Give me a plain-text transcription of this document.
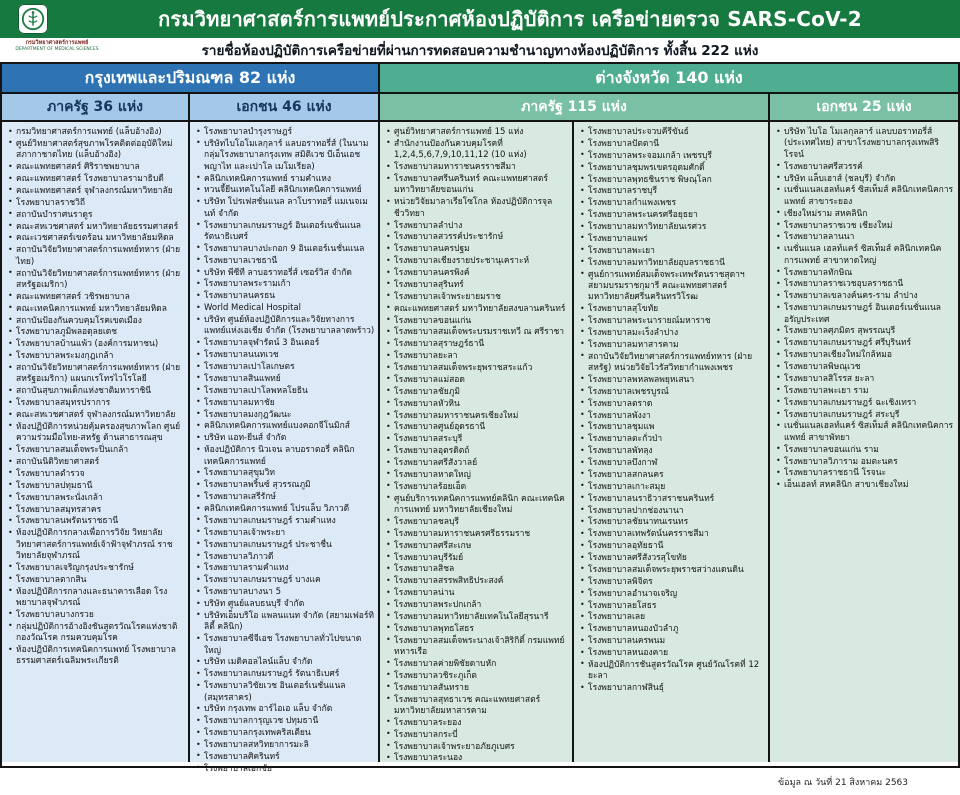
กรมวิทยาศาสตร์การแพทย์ประกาศห้องปฏิบัติการ เครือข่ายตรวจ SARS-CoV-2
กรมวิทยาศาสตร์การแพทย์
DEPARTMENT OF MEDICAL SCIENCES	รายชื่อห้องปฏิบัติการเครือข่ายที่ผ่านการทดสอบความชำนาญทางห้องปฏิบัติการ ทั้งสิ้น 222 แห่ง
กรุงเทพและปริมณฑล 82 แห่ง	ต่างจังหวัด 140 แห่ง
ภาครัฐ 36 แห่ง	เอกชน 46 แห่ง	ภาครัฐ 115 แห่ง	เอกชน 25 แห่ง
• กรมวิทยาศาสตร์การแพทย์ (แล็บอ้างอิง)
• ศูนย์วิทยาศาสตร์สุขภาพโรคติดต่ออุบัติใหม่ สภากาชาดไทย (แล็บอ้างอิง)
• คณะแพทยศาสตร์ ศิริราชพยาบาล
• คณะแพทยศาสตร์ โรงพยาบาลรามาธิบดี
• คณะแพทยศาสตร์ จุฬาลงกรณ์มหาวิทยาลัย
• โรงพยาบาลราชวิถี
• สถาบันบำราศนราดูร
• คณะสหเวชศาสตร์ มหาวิทยาลัยธรรมศาสตร์
• คณะเวชศาสตร์เขตร้อน มหาวิทยาลัยมหิดล
• สถาบันวิจัยวิทยาศาสตร์การแพทย์ทหาร (ฝ่ายไทย)
• สถาบันวิจัยวิทยาศาสตร์การแพทย์ทหาร (ฝ่ายสหรัฐอเมริกา)
• คณะแพทยศาสตร์ วชิรพยาบาล
• คณะเทคนิคการแพทย์ มหาวิทยาลัยมหิดล
• สถาบันป้องกันควบคุมโรคเขตเมือง
• โรงพยาบาลภูมิพลอดุลยเดช
• โรงพยาบาลบ้านแพ้ว (องค์การมหาชน)
• โรงพยาบาลพระมงกุฎเกล้า
• สถาบันวิจัยวิทยาศาสตร์การแพทย์ทหาร (ฝ่ายสหรัฐอเมริกา) แผนกเรโทรไวโรโลยี
• สถาบันสุขภาพเด็กแห่งชาติมหาราชินี
• โรงพยาบาลสมุทรปราการ
• คณะสหเวชศาสตร์ จุฬาลงกรณ์มหาวิทยาลัย
• ห้องปฏิบัติการหน่วยคุ้มครองสุขภาพโลก ศูนย์ความร่วมมือไทย-สหรัฐ ด้านสาธารณสุข
• โรงพยาบาลสมเด็จพระปิ่นเกล้า
• สถาบันนิติวิทยาศาสตร์
• โรงพยาบาลตำรวจ
• โรงพยาบาลปทุมธานี
• โรงพยาบาลพระนั่งเกล้า
• โรงพยาบาลสมุทรสาคร
• โรงพยาบาลนพรัตนราชธานี
• ห้องปฏิบัติการกลางเพื่อการวิจัย วิทยาลัยวิทยาศาสตร์การแพทย์เจ้าฟ้าจุฬาภรณ์ ราชวิทยาลัยจุฬาภรณ์
• โรงพยาบาลเจริญกรุงประชารักษ์
• โรงพยาบาลตากสิน
• ห้องปฏิบัติการกลางและธนาคารเลือด โรงพยาบาลจุฬาภรณ์
• โรงพยาบาลบางกรวย
• กลุ่มปฏิบัติการอ้างอิงชันสูตรวัณโรคแห่งชาติ กองวัณโรค กรมควบคุมโรค
• ห้องปฏิบัติการเทคนิคการแพทย์ โรงพยาบาลธรรมศาสตร์เฉลิมพระเกียรติ
• โรงพยาบาลบำรุงราษฎร์
• บริษัทไบโอโมเลกุลาร์ แลบอราทอรี่ส์ (ในนามกลุ่มโรงพยาบาลกรุงเทพ สมิติเวช บีเอ็นเอช พญาไท และเปาโล เมโมเรียล)
• คลินิกเทคนิคการแพทย์ รามคำแหง
• หวนจี้ยีนเทคโนโลยี คลินิกเทคนิคการแพทย์
• บริษัท โปรเฟสชั่นแนล ลาโบราทอรี่ แมเนจเมนท์ จำกัด
• โรงพยาบาลเกษมราษฎร์ อินเตอร์เนชั่นแนล รัตนาธิเบศร์
• โรงพยาบาลบางปะกอก 9 อินเตอร์เนชั่นแนล
• โรงพยาบาลเวชธานี
• บริษัท พีซีที ลาบอราทอรี่ส์ เซอร์วิส จำกัด
• โรงพยาบาลพระรามเก้า
• โรงพยาบาลนครธน
• World Medical Hospital
• บริษัท ศูนย์ห้องปฏิบัติการและวิจัยทางการแพทย์แห่งเอเชีย จำกัด (โรงพยาบาลลาดพร้าว)
• โรงพยาบาลจุฬารัตน์ 3 อินเตอร์
• โรงพยาบาลนนทเวช
• โรงพยาบาลเปาโลเกษตร
• โรงพยาบาลสินแพทย์
• โรงพยาบาลเปาโลพหลโยธิน
• โรงพยาบาลมหาชัย
• โรงพยาบาลมงกุฎวัฒนะ
• คลินิกเทคนิคการแพทย์แบงคอกจีโนมิกส์
• บริษัท แอท-ยีนส์ จำกัด
• ห้องปฏิบัติการ นิวเจน ลาบอราตอรี่ คลินิกเทคนิคการแพทย์
• โรงพยาบาลสุขุมวิท
• โรงพยาบาลพริ้นซ์ สุวรรณภูมิ
• โรงพยาบาลเสรีรักษ์
• คลินิกเทคนิคการแพทย์ โปรแล็บ วิภาวดี
• โรงพยาบาลเกษมราษฎร์ รามคำแหง
• โรงพยาบาลเจ้าพระยา
• โรงพยาบาลเกษมราษฎร์ ประชาชื่น
• โรงพยาบาลวิภาวดี
• โรงพยาบาลรามคำแหง
• โรงพยาบาลเกษมราษฎร์ บางแค
• โรงพยาบาลบางนา 5
• บริษัท ศูนย์แลบธนบุรี จำกัด
• บริษัทเอ็มบริโอ แพลนแนท จำกัด (สยามเฟอร์ทิลิตี้ คลินิก)
• โรงพยาบาลซีจีเอช โรงพยาบาลทั่วไปขนาดใหญ่
• บริษัท เมดิคอลไลน์แล็บ จำกัด
• โรงพยาบาลเกษมราษฎร์ รัตนาธิเบศร์
• โรงพยาบาลวิชัยเวช อินเตอร์เนชั่นแนล (สมุทรสาคร)
• บริษัท กรุงเทพ อาร์ไอเอ แล็บ จำกัด
• โรงพยาบาลการุญเวช ปทุมธานี
• โรงพยาบาลกรุงเทพคริสเตียน
• โรงพยาบาลสหวิทยาการมะลิ
• โรงพยาบาลศิครินทร์
• โรงพยาบาลเอกชัย
• ศูนย์วิทยาศาสตร์การแพทย์ 15 แห่ง
• สำนักงานป้องกันควบคุมโรคที่ 1,2,4,5,6,7,9,10,11,12 (10 แห่ง)
• โรงพยาบาลมหาราชนครราชสีมา
• โรงพยาบาลศรีนครินทร์ คณะแพทยศาสตร์ มหาวิทยาลัยขอนแก่น
• หน่วยวิจัยมาลาเรียโซโกล ห้องปฏิบัติการจุลชีววิทยา
• โรงพยาบาลลำปาง
• โรงพยาบาลสวรรค์ประชารักษ์
• โรงพยาบาลนครปฐม
• โรงพยาบาลเชียงรายประชานุเคราะห์
• โรงพยาบาลนครพิงค์
• โรงพยาบาลสุรินทร์
• โรงพยาบาลเจ้าพระยายมราช
• คณะแพทยศาสตร์ มหาวิทยาลัยสงขลานครินทร์
• โรงพยาบาลขอนแก่น
• โรงพยาบาลสมเด็จพระบรมราชเทวี ณ ศรีราชา
• โรงพยาบาลสุราษฎร์ธานี
• โรงพยาบาลยะลา
• โรงพยาบาลสมเด็จพระยุพราชสระแก้ว
• โรงพยาบาลแม่สอด
• โรงพยาบาลชัยภูมิ
• โรงพยาบาลหัวหิน
• โรงพยาบาลมหาราชนครเชียงใหม่
• โรงพยาบาลศูนย์อุดรธานี
• โรงพยาบาลสระบุรี
• โรงพยาบาลอุตรดิตถ์
• โรงพยาบาลศรีสังวาลย์
• โรงพยาบาลหาดใหญ่
• โรงพยาบาลร้อยเอ็ด
• ศูนย์บริการเทคนิคการแพทย์คลินิก คณะเทคนิคการแพทย์ มหาวิทยาลัยเชียงใหม่
• โรงพยาบาลชลบุรี
• โรงพยาบาลมหาราชนครศรีธรรมราช
• โรงพยาบาลศรีสะเกษ
• โรงพยาบาลบุรีรัมย์
• โรงพยาบาลสิชล
• โรงพยาบาลสรรพสิทธิประสงค์
• โรงพยาบาลน่าน
• โรงพยาบาลพระปกเกล้า
• โรงพยาบาลมหาวิทยาลัยเทคโนโลยีสุรนารี
• โรงพยาบาลพุทธโสธร
• โรงพยาบาลสมเด็จพระนางเจ้าสิริกิติ์ กรมแพทย์ทหารเรือ
• โรงพยาบาลค่ายพิชัยดาบหัก
• โรงพยาบาลวชิระภูเก็ต
• โรงพยาบาลสันทราย
• โรงพยาบาลสุทธาเวช คณะแพทยศาสตร์ มหาวิทยาลัยมหาสารคาม
• โรงพยาบาลระยอง
• โรงพยาบาลกระบี่
• โรงพยาบาลเจ้าพระยาอภัยภูเบศร
• โรงพยาบาลระนอง
• โรงพยาบาลประจวบคีรีขันธ์
• โรงพยาบาลปัตตานี
• โรงพยาบาลพระจอมเกล้า เพชรบุรี
• โรงพยาบาลชุมพรเขตรอุดมศักดิ์
• โรงพยาบาลพุทธชินราช พิษณุโลก
• โรงพยาบาลราชบุรี
• โรงพยาบาลกำแพงเพชร
• โรงพยาบาลพระนครศรีอยุธยา
• โรงพยาบาลมหาวิทยาลัยนเรศวร
• โรงพยาบาลแพร่
• โรงพยาบาลพะเยา
• โรงพยาบาลมหาวิทยาลัยอุบลราชธานี
• ศูนย์การแพทย์สมเด็จพระเทพรัตนราชสุดาฯ สยามบรมราชกุมารี คณะแพทยศาสตร์ มหาวิทยาลัยศรีนครินทรวิโรฒ
• โรงพยาบาลสุโขทัย
• โรงพยาบาลพระนารายณ์มหาราช
• โรงพยาบาลมะเร็งลำปาง
• โรงพยาบาลมหาสารคาม
• สถาบันวิจัยวิทยาศาสตร์การแพทย์ทหาร (ฝ่ายสหรัฐ) หน่วยวิจัยไวรัสวิทยากำแพงเพชร
• โรงพยาบาลพหลพลพยุหเสนา
• โรงพยาบาลเพชรบูรณ์
• โรงพยาบาลตราด
• โรงพยาบาลพังงา
• โรงพยาบาลชุมแพ
• โรงพยาบาลตะกั่วป่า
• โรงพยาบาลพัทลุง
• โรงพยาบาลบึงกาฬ
• โรงพยาบาลสกลนคร
• โรงพยาบาลเกาะสมุย
• โรงพยาบาลนราธิวาสราชนครินทร์
• โรงพยาบาลปากช่องนานา
• โรงพยาบาลชัยนาทนเรนทร
• โรงพยาบาลเทพรัตน์นครราชสีมา
• โรงพยาบาลอุทัยธานี
• โรงพยาบาลศรีสังวรสุโขทัย
• โรงพยาบาลสมเด็จพระยุพราชสว่างแดนดิน
• โรงพยาบาลพิจิตร
• โรงพยาบาลอำนาจเจริญ
• โรงพยาบาลยโสธร
• โรงพยาบาลเลย
• โรงพยาบาลหนองบัวลำภู
• โรงพยาบาลนครพนม
• โรงพยาบาลหนองคาย
• ห้องปฏิบัติการชันสูตรวัณโรค ศูนย์วัณโรคที่ 12 ยะลา
• โรงพยาบาลกาฬสินธุ์
• บริษัท ไบโอ โมเลกุลลาร์ แลบบอราทอรี่ส์ (ประเทศไทย) สาขาโรงพยาบาลกรุงเทพสิริโรจน์
• โรงพยาบาลศรีสวรรค์
• บริษัท แล็บเฮาส์ (ชลบุรี) จำกัด
• เนชั่นแนลเฮลท์แคร์ ซิสเท็มส์ คลินิกเทคนิคการแพทย์ สาขาระยอง
• เชียงใหม่ราม สหคลินิก
• โรงพยาบาลราชเวช เชียงใหม่
• โรงพยาบาลลานนา
• เนชั่นแนล เฮลท์แคร์ ซิสเท็มส์ คลินิกเทคนิคการแพทย์ สาขาหาดใหญ่
• โรงพยาบาลทักษิณ
• โรงพยาบาลราชเวชอุบลราชธานี
• โรงพยาบาลเขลางค์นคร-ราม ลำปาง
• โรงพยาบาลเกษมราษฎร์ อินเตอร์เนชั่นแนล อรัญประเทศ
• โรงพยาบาลศุภมิตร สุพรรณบุรี
• โรงพยาบาลเกษมราษฎร์ ศรีบุรินทร์
• โรงพยาบาลเชียงใหม่ใกล้หมอ
• โรงพยาบาลพิษณุเวช
• โรงพยาบาลสิโรรส ยะลา
• โรงพยาบาลพะเยา ราม
• โรงพยาบาลเกษมราษฎร์ ฉะเชิงเทรา
• โรงพยาบาลเกษมราษฎร์ สระบุรี
• เนชั่นแนลเฮลท์แคร์ ซิสเท็มส์ คลินิกเทคนิคการแพทย์ สาขาพัทยา
• โรงพยาบาลขอนแก่น ราม
• โรงพยาบาลวิภาราม อมตะนคร
• โรงพยาบาลราชธานี โรจนะ
• เอ็นเฮลท์ สหคลินิก สาขาเชียงใหม่
ข้อมูล ณ วันที่ 21 สิงหาคม 2563
